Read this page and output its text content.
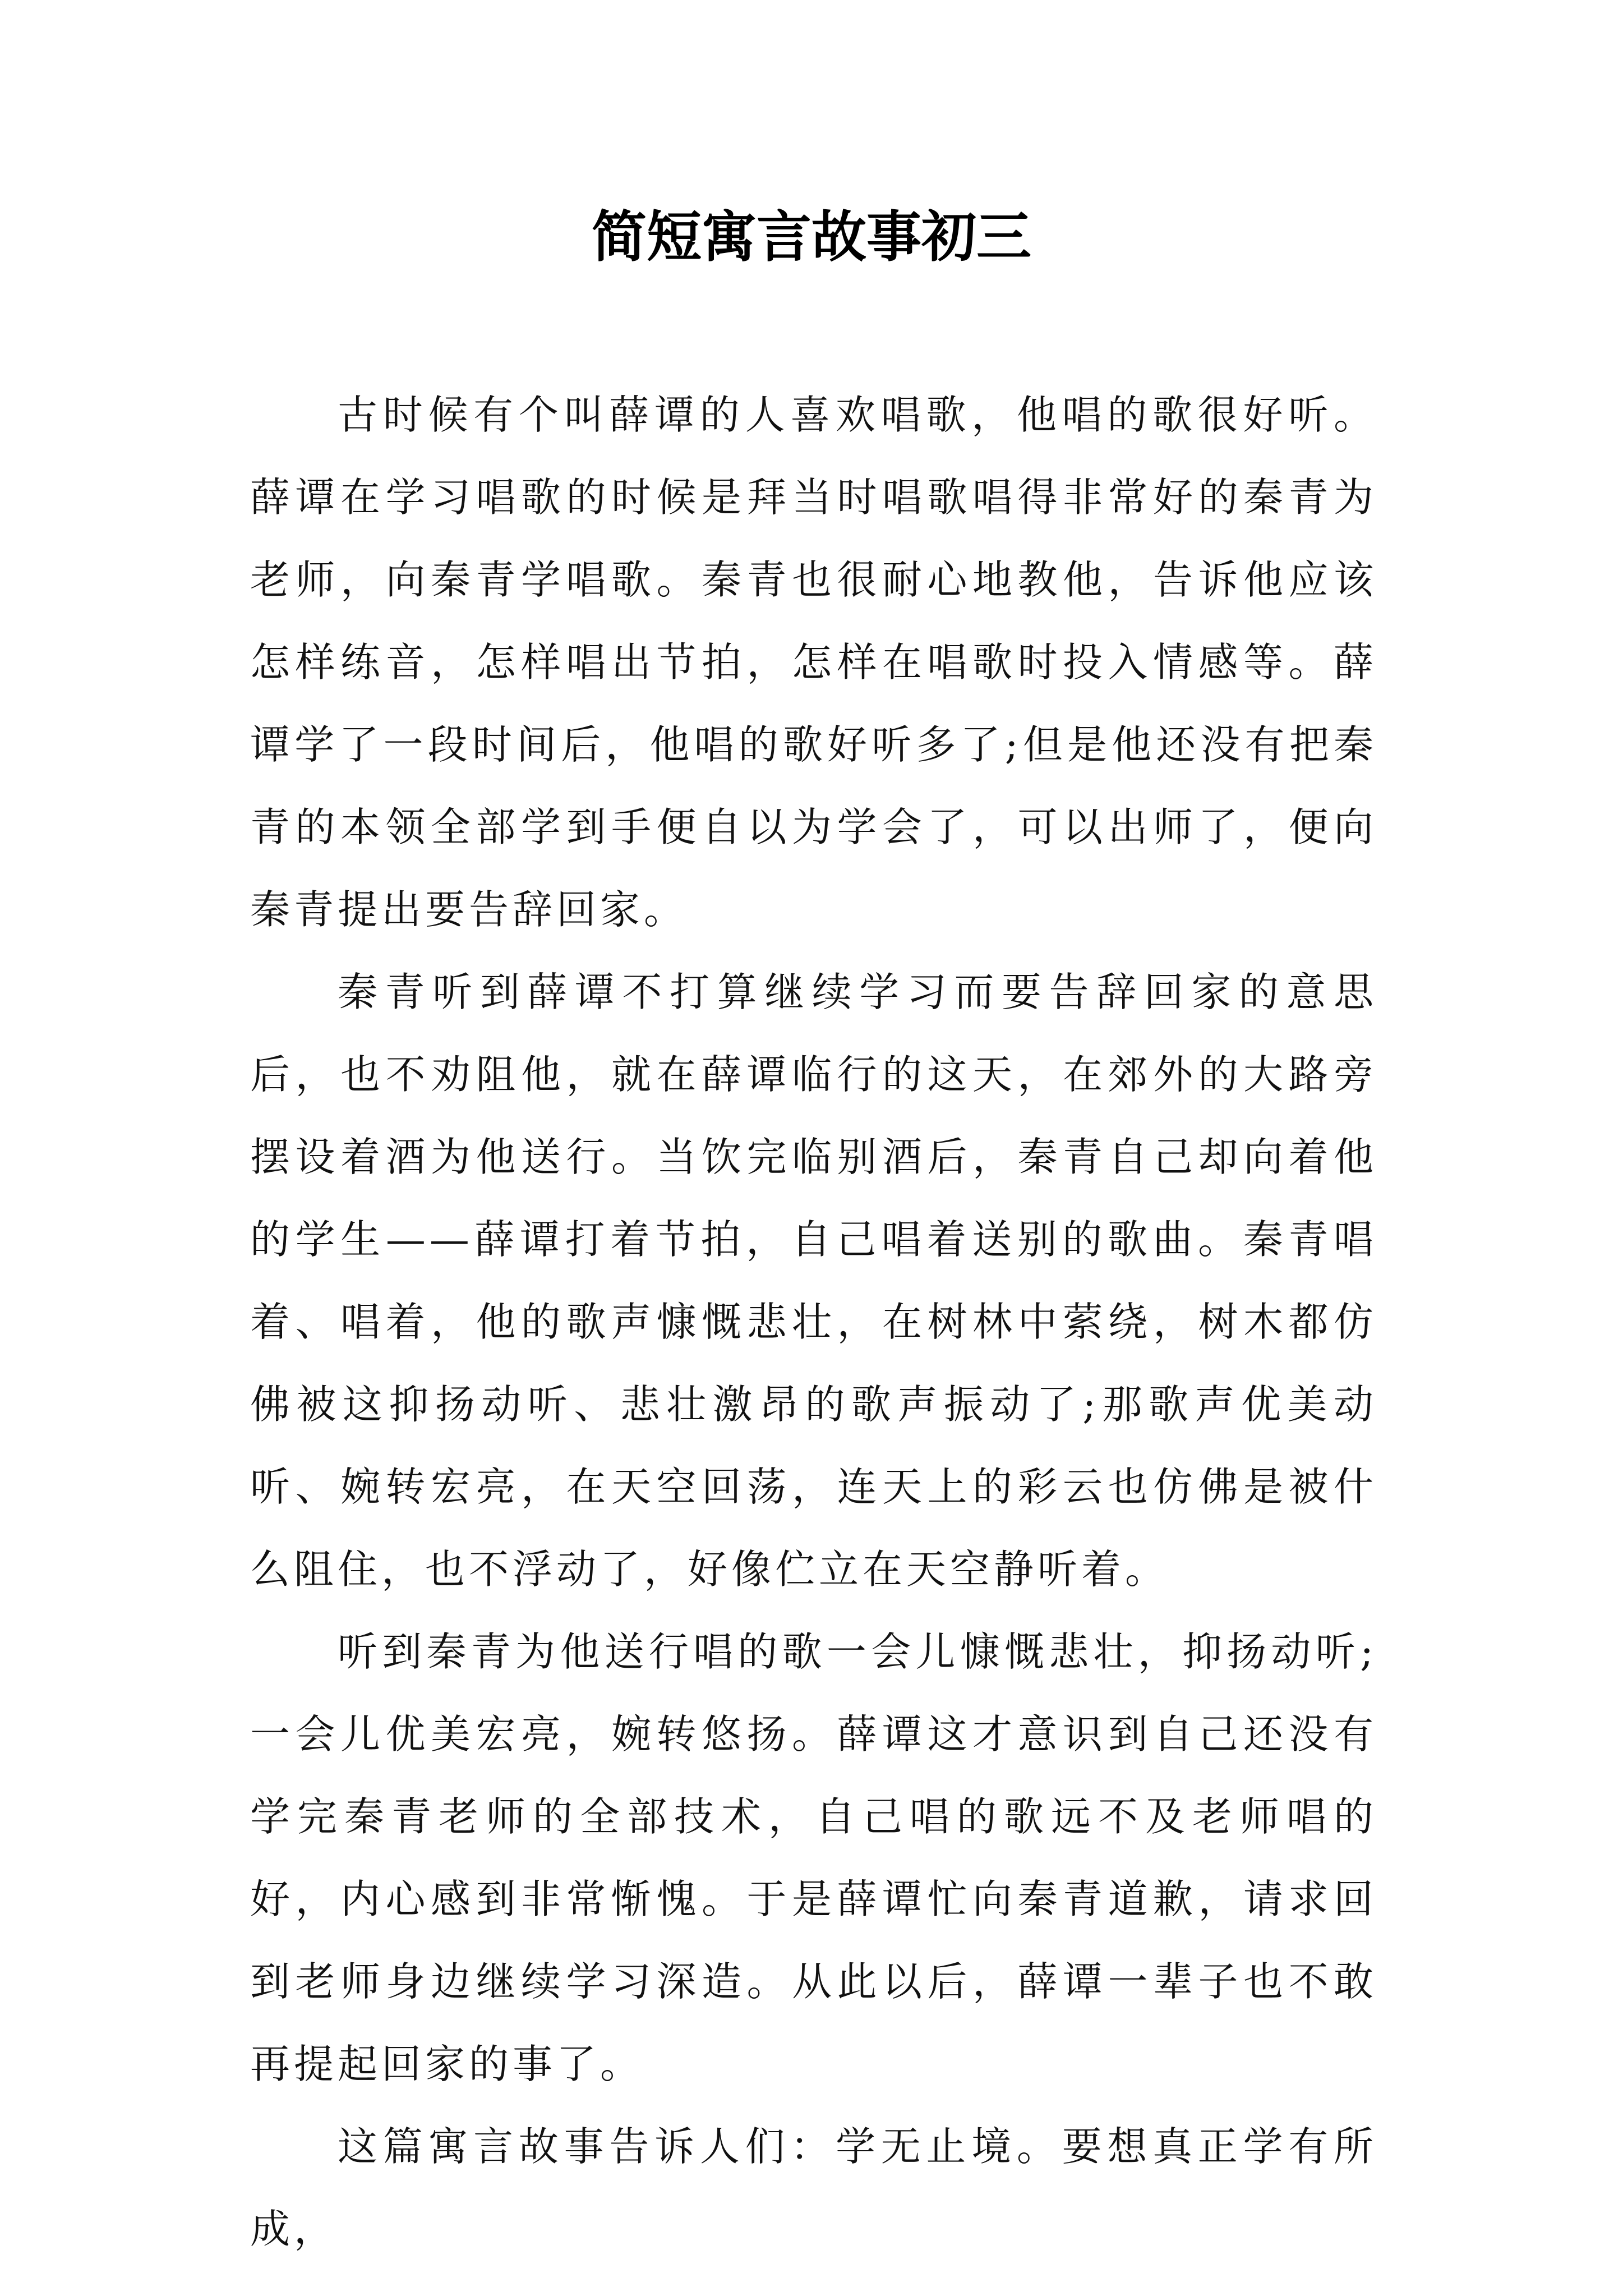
简短寓言故事初三

古时候有个叫薛谭的人喜欢唱歌，他唱的歌很好听。薛谭在学习唱歌的时候是拜当时唱歌唱得非常好的秦青为老师，向秦青学唱歌。秦青也很耐心地教他，告诉他应该怎样练音，怎样唱出节拍，怎样在唱歌时投入情感等。薛谭学了一段时间后，他唱的歌好听多了;但是他还没有把秦青的本领全部学到手便自以为学会了，可以出师了，便向秦青提出要告辞回家。

秦青听到薛谭不打算继续学习而要告辞回家的意思后，也不劝阻他，就在薛谭临行的这天，在郊外的大路旁摆设着酒为他送行。当饮完临别酒后，秦青自己却向着他的学生——薛谭打着节拍，自己唱着送别的歌曲。秦青唱着、唱着，他的歌声慷慨悲壮，在树林中萦绕，树木都仿佛被这抑扬动听、悲壮激昂的歌声振动了;那歌声优美动听、婉转宏亮，在天空回荡，连天上的彩云也仿佛是被什么阻住，也不浮动了，好像伫立在天空静听着。

听到秦青为他送行唱的歌一会儿慷慨悲壮，抑扬动听;一会儿优美宏亮，婉转悠扬。薛谭这才意识到自己还没有学完秦青老师的全部技术，自己唱的歌远不及老师唱的好，内心感到非常惭愧。于是薛谭忙向秦青道歉，请求回到老师身边继续学习深造。从此以后，薛谭一辈子也不敢再提起回家的事了。

这篇寓言故事告诉人们：学无止境。要想真正学有所成，
